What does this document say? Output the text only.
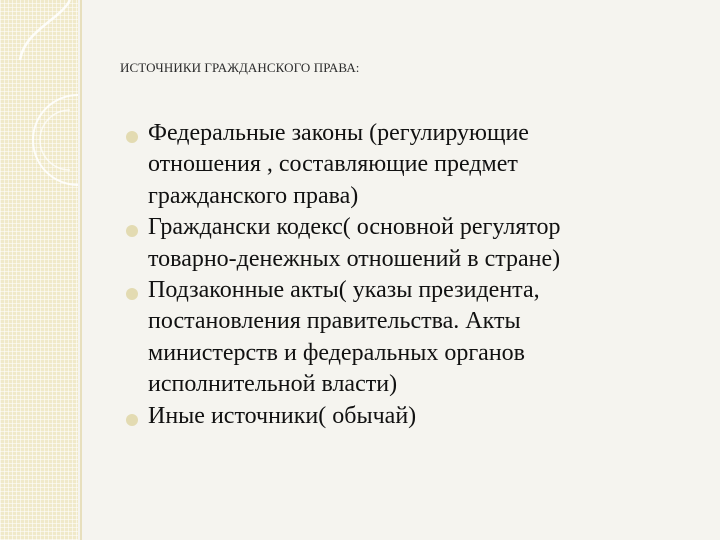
ИСТОЧНИКИ ГРАЖДАНСКОГО ПРАВА:
Федеральные законы (регулирующие
отношения , составляющие предмет
гражданского права)
Граждански кодекс( основной регулятор
товарно-денежных отношений в стране)
Подзаконные акты( указы президента,
постановления правительства. Акты
министерств и федеральных органов
исполнительной власти)
Иные источники( обычай)
